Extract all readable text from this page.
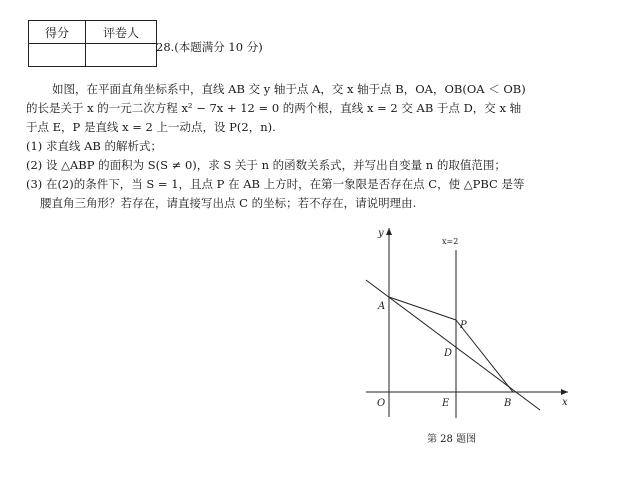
得分	评卷人

28.(本题满分 10 分)
如图，在平面直角坐标系中，直线 AB 交 y 轴于点 A，交 x 轴于点 B，OA，OB(OA ＜ OB)
的长是关于 x 的一元二次方程 x² − 7x + 12 = 0 的两个根，直线 x = 2 交 AB 于点 D，交 x 轴
于点 E，P 是直线 x = 2 上一动点，设 P(2，n).
(1) 求直线 AB 的解析式；
(2) 设 △ABP 的面积为 S(S ≠ 0)，求 S 关于 n 的函数关系式，并写出自变量 n 的取值范围；
(3) 在(2)的条件下，当 S = 1，且点 P 在 AB 上方时，在第一象限是否存在点 C，使 △PBC 是等
腰直角三角形？若存在，请直接写出点 C 的坐标；若不存在，请说明理由.
x
y
x=2
A
P
D
O	E	B
第 28 题图
